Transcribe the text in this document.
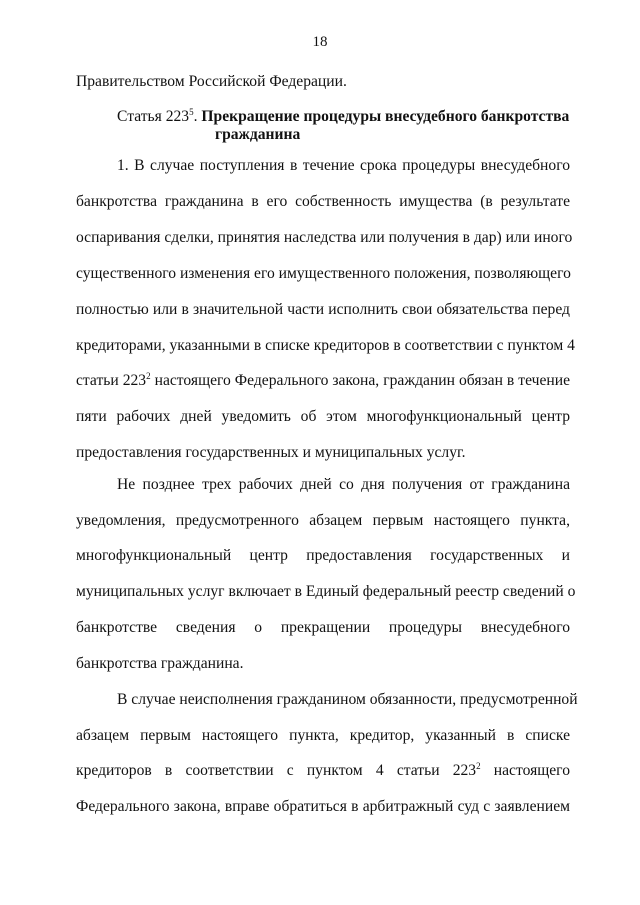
18
Правительством Российской Федерации.
Статья $223^5$. Прекращение процедуры внесудебного банкротства
гражданина
1. В случае поступления в течение срока процедуры внесудебного
банкротства гражданина в его собственность имущества (в результате
оспаривания сделки, принятия наследства или получения в дар) или иного
существенного изменения его имущественного положения, позволяющего
полностью или в значительной части исполнить свои обязательства перед
кредиторами, указанными в списке кредиторов в соответствии с пунктом 4
статьи $223^2$ настоящего Федерального закона, гражданин обязан в течение
пяти рабочих дней уведомить об этом многофункциональный центр
предоставления государственных и муниципальных услуг.
Не позднее трех рабочих дней со дня получения от гражданина
уведомления, предусмотренного абзацем первым настоящего пункта,
многофункциональный центр предоставления государственных и
муниципальных услуг включает в Единый федеральный реестр сведений о
банкротстве сведения о прекращении процедуры внесудебного
банкротства гражданина.
В случае неисполнения гражданином обязанности, предусмотренной
абзацем первым настоящего пункта, кредитор, указанный в списке
кредиторов в соответствии с пунктом 4 статьи $223^2$ настоящего
Федерального закона, вправе обратиться в арбитражный суд с заявлением
